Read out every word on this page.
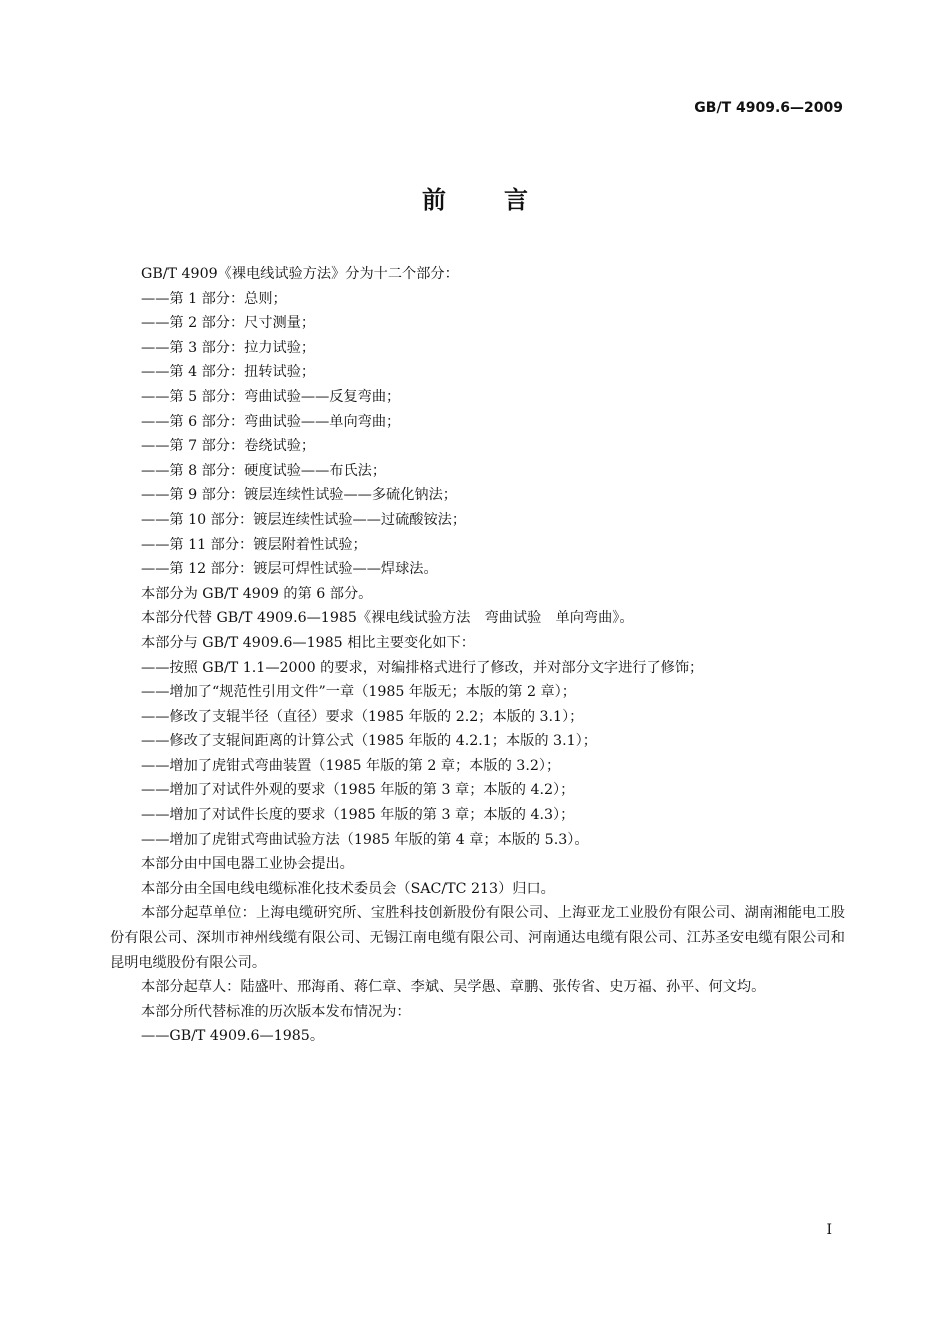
GB/T 4909.6—2009
前言

GB/T 4909《裸电线试验方法》分为十二个部分：

——第 1 部分：总则；

——第 2 部分：尺寸测量；

——第 3 部分：拉力试验；

——第 4 部分：扭转试验；

——第 5 部分：弯曲试验——反复弯曲；

——第 6 部分：弯曲试验——单向弯曲；

——第 7 部分：卷绕试验；

——第 8 部分：硬度试验——布氏法；

——第 9 部分：镀层连续性试验——多硫化钠法；

——第 10 部分：镀层连续性试验——过硫酸铵法；

——第 11 部分：镀层附着性试验；

——第 12 部分：镀层可焊性试验——焊球法。

本部分为 GB/T 4909 的第 6 部分。

本部分代替 GB/T 4909.6—1985《裸电线试验方法　弯曲试验　单向弯曲》。

本部分与 GB/T 4909.6—1985 相比主要变化如下：

——按照 GB/T 1.1—2000 的要求，对编排格式进行了修改，并对部分文字进行了修饰；

——增加了“规范性引用文件”一章（1985 年版无；本版的第 2 章）；

——修改了支辊半径（直径）要求（1985 年版的 2.2；本版的 3.1）；

——修改了支辊间距离的计算公式（1985 年版的 4.2.1；本版的 3.1）；

——增加了虎钳式弯曲装置（1985 年版的第 2 章；本版的 3.2）；

——增加了对试件外观的要求（1985 年版的第 3 章；本版的 4.2）；

——增加了对试件长度的要求（1985 年版的第 3 章；本版的 4.3）；

——增加了虎钳式弯曲试验方法（1985 年版的第 4 章；本版的 5.3）。

本部分由中国电器工业协会提出。

本部分由全国电线电缆标准化技术委员会（SAC/TC 213）归口。

本部分起草单位：上海电缆研究所、宝胜科技创新股份有限公司、上海亚龙工业股份有限公司、湖南湘能电工股份有限公司、深圳市神州线缆有限公司、无锡江南电缆有限公司、河南通达电缆有限公司、江苏圣安电缆有限公司和昆明电缆股份有限公司。

本部分起草人：陆盛叶、邢海甬、蒋仁章、李斌、吴学愚、章鹏、张传省、史万福、孙平、何文均。

本部分所代替标准的历次版本发布情况为：

——GB/T 4909.6—1985。

I
